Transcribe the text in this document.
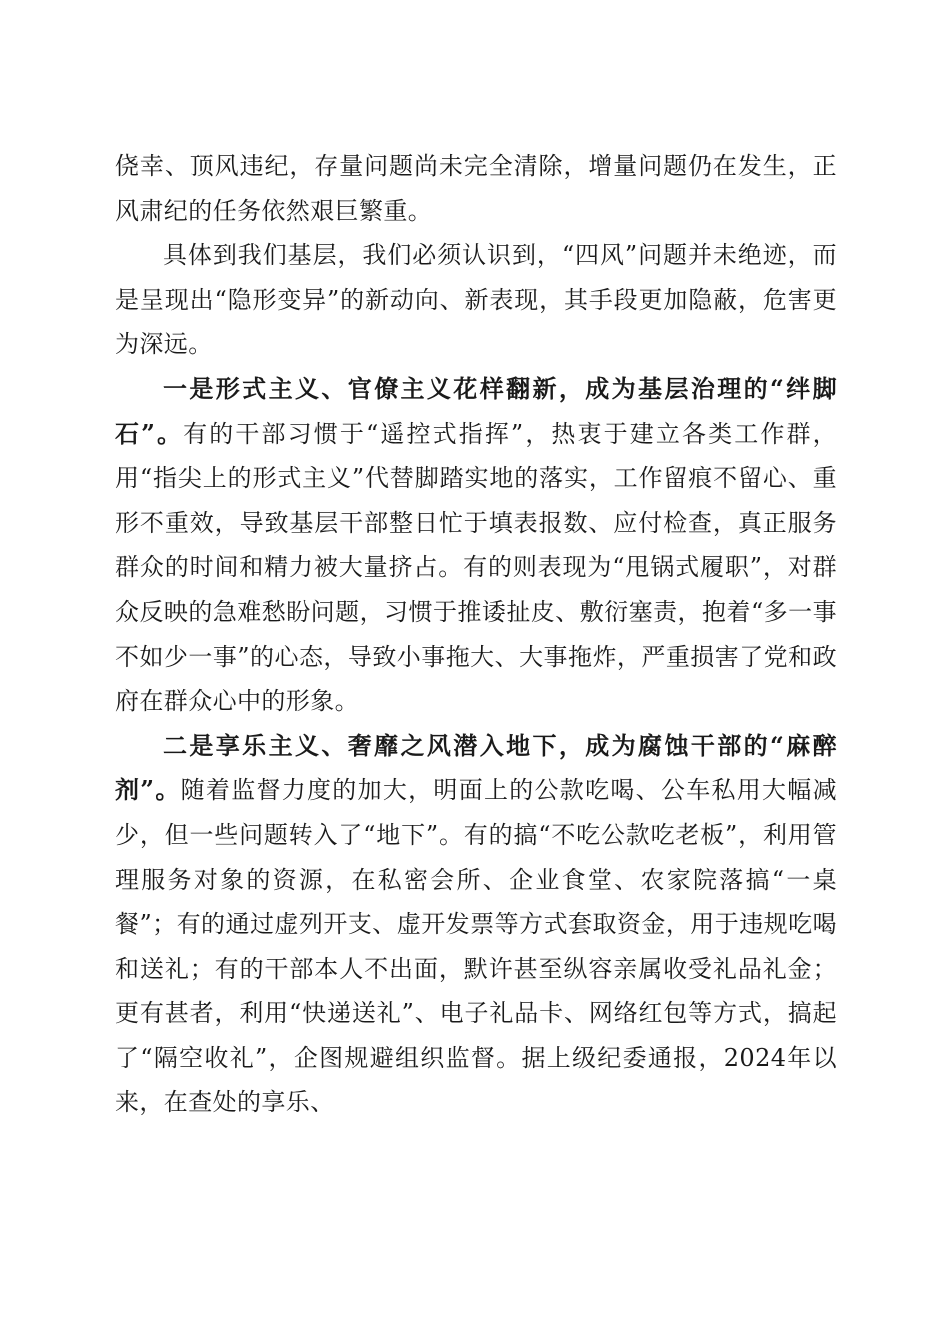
侥幸、顶风违纪，存量问题尚未完全清除，增量问题仍在发生，正风肃纪的任务依然艰巨繁重。

具体到我们基层，我们必须认识到，“四风”问题并未绝迹，而是呈现出“隐形变异”的新动向、新表现，其手段更加隐蔽，危害更为深远。

一是形式主义、官僚主义花样翻新，成为基层治理的“绊脚石”。有的干部习惯于“遥控式指挥”，热衷于建立各类工作群，用“指尖上的形式主义”代替脚踏实地的落实，工作留痕不留心、重形不重效，导致基层干部整日忙于填表报数、应付检查，真正服务群众的时间和精力被大量挤占。有的则表现为“甩锅式履职”，对群众反映的急难愁盼问题，习惯于推诿扯皮、敷衍塞责，抱着“多一事不如少一事”的心态，导致小事拖大、大事拖炸，严重损害了党和政府在群众心中的形象。

二是享乐主义、奢靡之风潜入地下，成为腐蚀干部的“麻醉剂”。随着监督力度的加大，明面上的公款吃喝、公车私用大幅减少，但一些问题转入了“地下”。有的搞“不吃公款吃老板”，利用管理服务对象的资源，在私密会所、企业食堂、农家院落搞“一桌餐”；有的通过虚列开支、虚开发票等方式套取资金，用于违规吃喝和送礼；有的干部本人不出面，默许甚至纵容亲属收受礼品礼金；更有甚者，利用“快递送礼”、电子礼品卡、网络红包等方式，搞起了“隔空收礼”，企图规避组织监督。据上级纪委通报，2024年以来，在查处的享乐、
